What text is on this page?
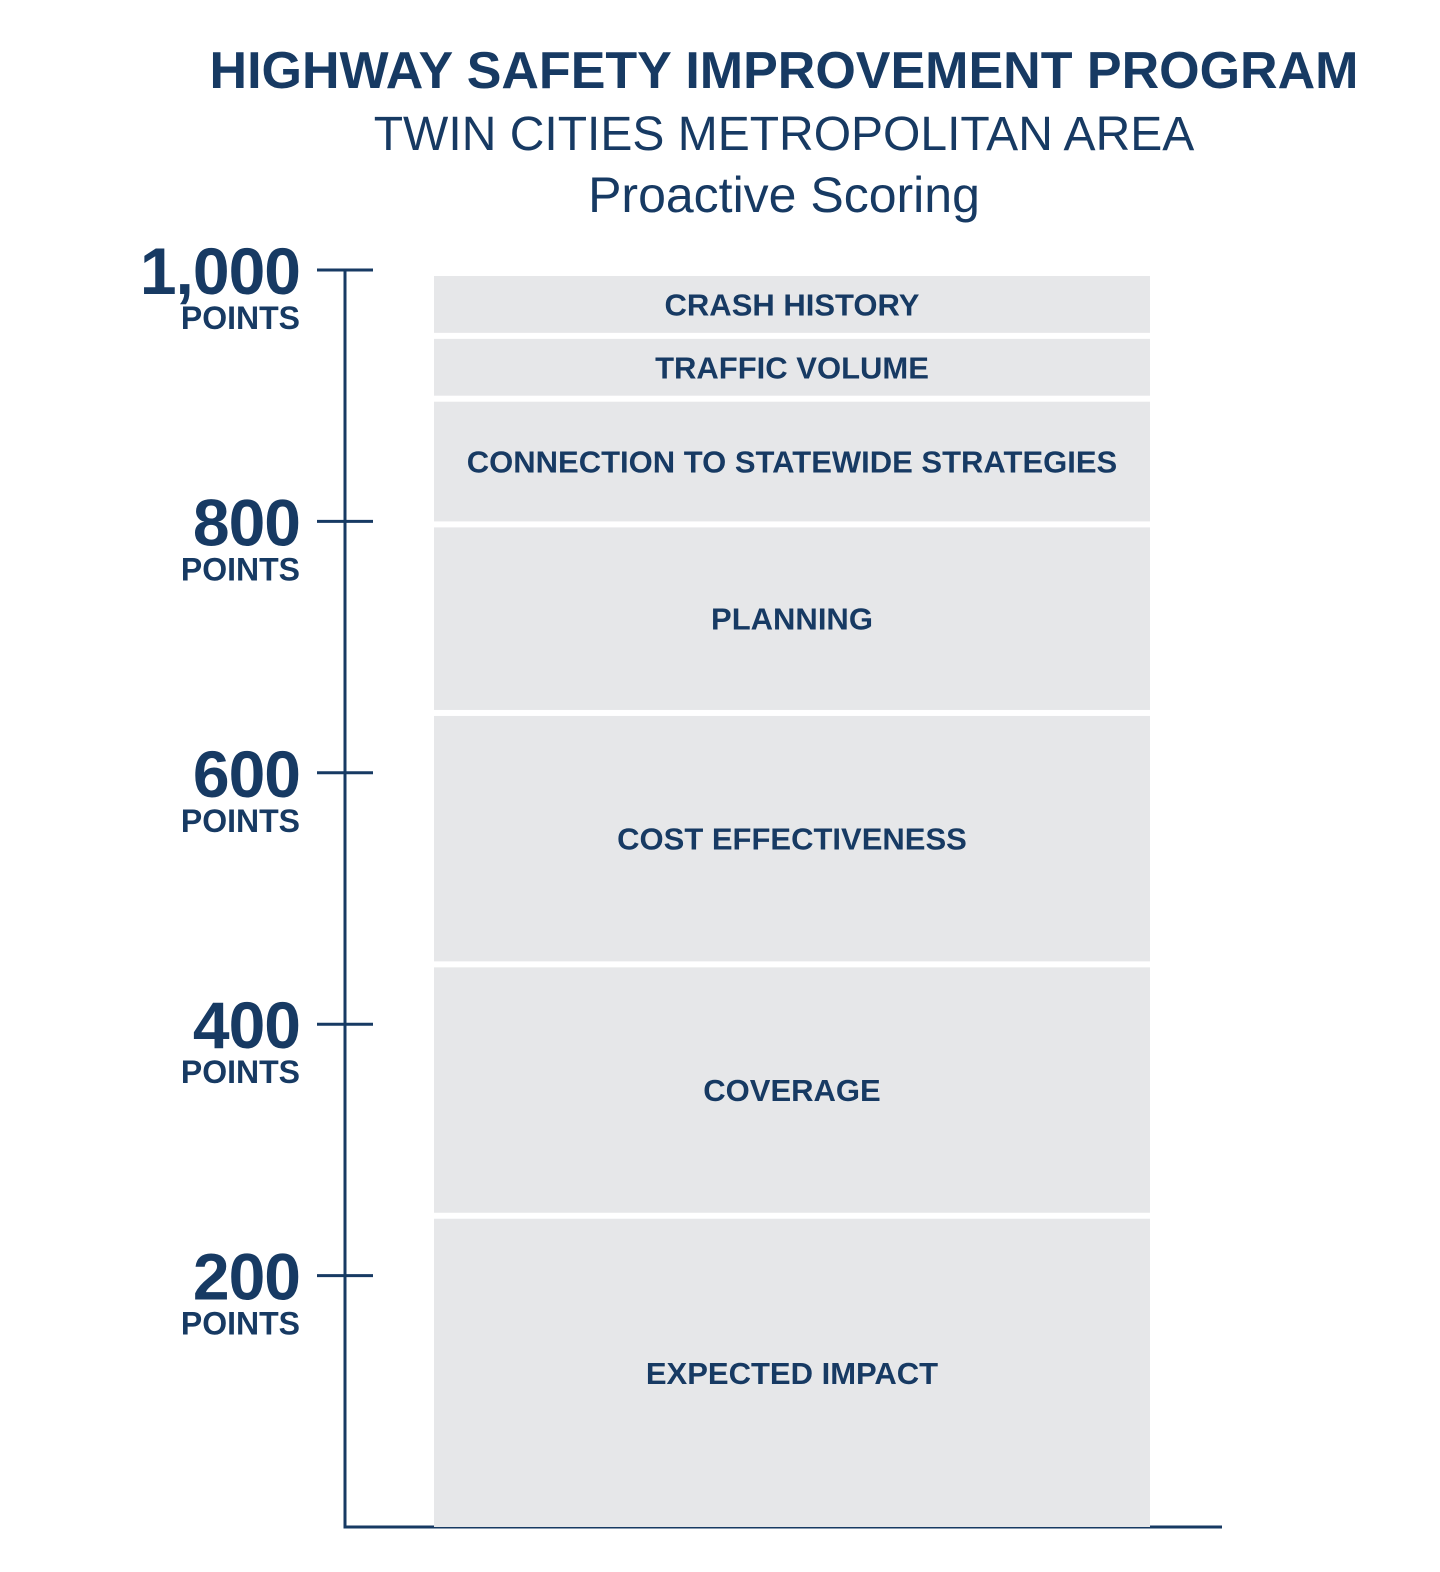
HIGHWAY SAFETY IMPROVEMENT PROGRAM
TWIN CITIES METROPOLITAN AREA
Proactive Scoring
200
POINTS
400
POINTS
600
POINTS
800
POINTS
1,000
POINTS
EXPECTED IMPACT
COVERAGE
COST EFFECTIVENESS
PLANNING
CONNECTION TO STATEWIDE STRATEGIES
TRAFFIC VOLUME
CRASH HISTORY
